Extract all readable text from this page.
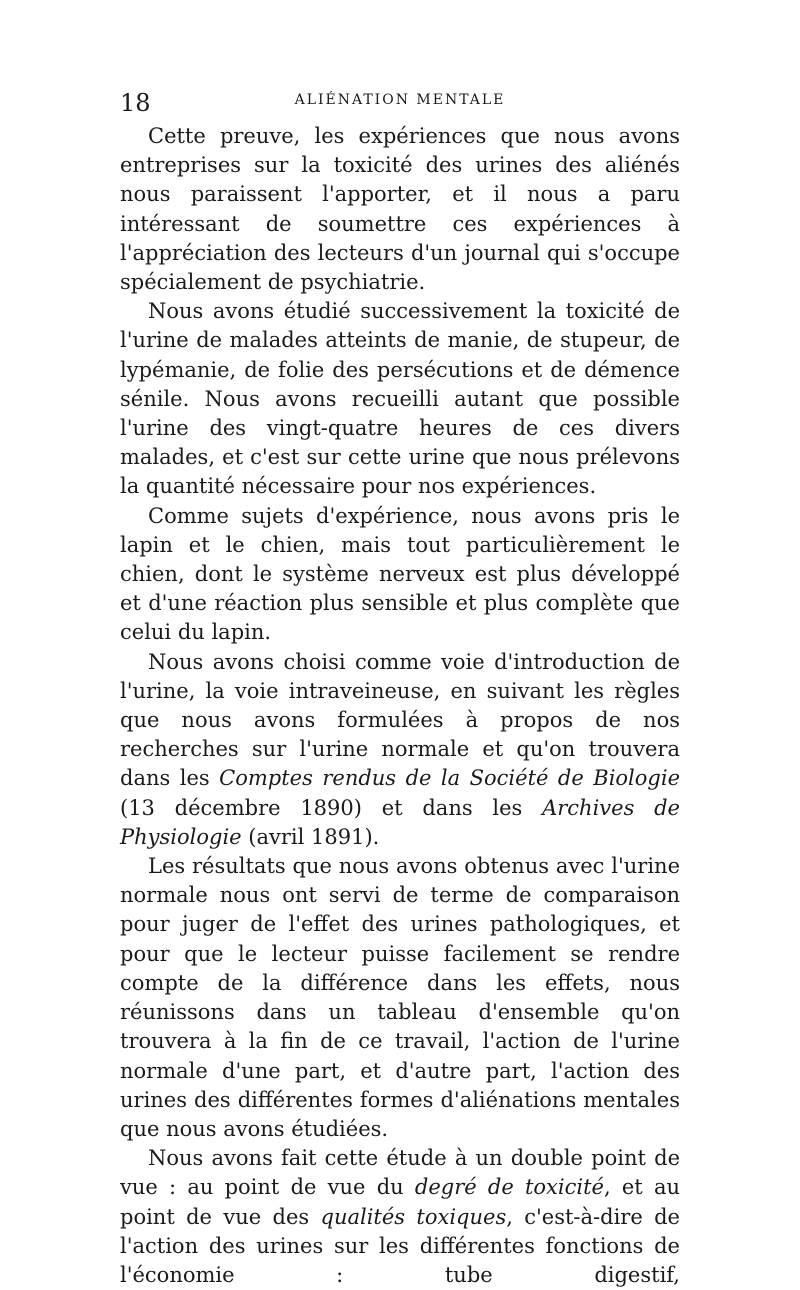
18	ALIÉNATION MENTALE

Cette preuve, les expériences que nous avons entreprises sur la toxicité des urines des aliénés nous paraissent l'apporter, et il nous a paru intéressant de soumettre ces expériences à l'appréciation des lecteurs d'un journal qui s'occupe spécialement de psychiatrie.

Nous avons étudié successivement la toxicité de l'urine de malades atteints de manie, de stupeur, de lypémanie, de folie des persécutions et de démence sénile. Nous avons recueilli autant que possible l'urine des vingt-quatre heures de ces divers malades, et c'est sur cette urine que nous prélevons la quantité nécessaire pour nos expériences.

Comme sujets d'expérience, nous avons pris le lapin et le chien, mais tout particulièrement le chien, dont le système nerveux est plus développé et d'une réaction plus sensible et plus complète que celui du lapin.

Nous avons choisi comme voie d'introduction de l'urine, la voie intraveineuse, en suivant les règles que nous avons formulées à propos de nos recherches sur l'urine normale et qu'on trouvera dans les Comptes rendus de la Société de Biologie (13 décembre 1890) et dans les Archives de Physiologie (avril 1891).

Les résultats que nous avons obtenus avec l'urine normale nous ont servi de terme de comparaison pour juger de l'effet des urines pathologiques, et pour que le lecteur puisse facilement se rendre compte de la différence dans les effets, nous réunissons dans un tableau d'ensemble qu'on trouvera à la fin de ce travail, l'action de l'urine normale d'une part, et d'autre part, l'action des urines des différentes formes d'aliénations mentales que nous avons étudiées.

Nous avons fait cette étude à un double point de vue : au point de vue du degré de toxicité, et au point de vue des qualités toxiques, c'est-à-dire de l'action des urines sur les différentes fonctions de l'économie : tube digestif,
